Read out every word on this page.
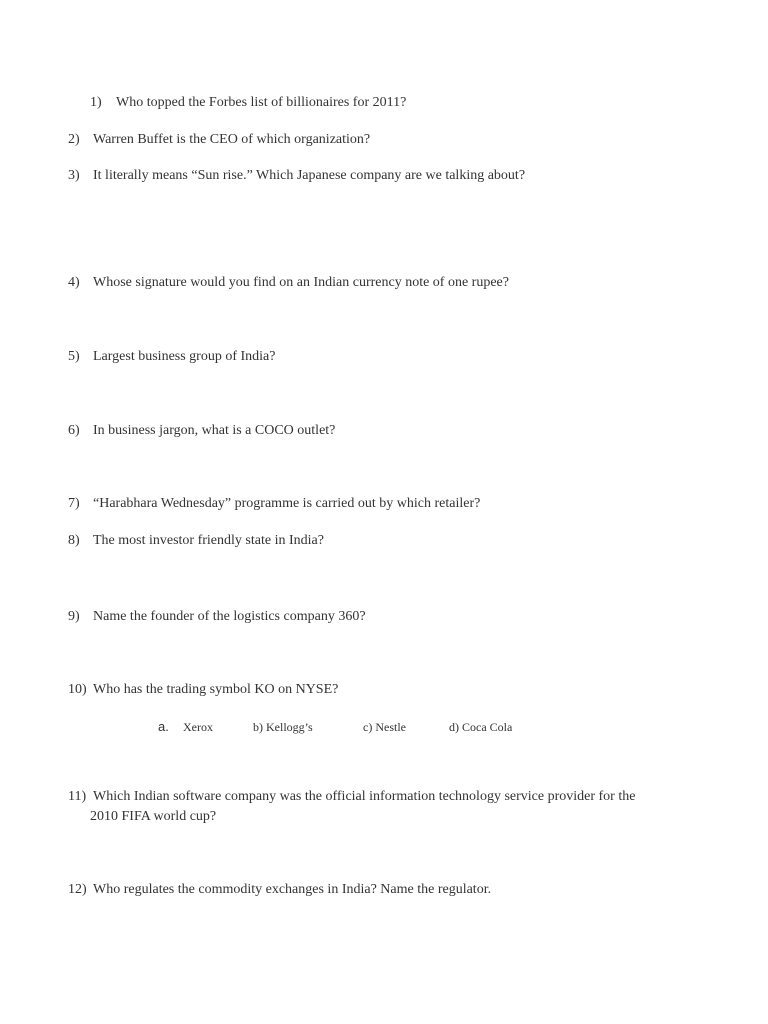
1) Who topped the Forbes list of billionaires for 2011?
2) Warren Buffet is the CEO of which organization?
3) It literally means “Sun rise.” Which Japanese company are we talking about?
4) Whose signature would you find on an Indian currency note of one rupee?
5) Largest business group of India?
6) In business jargon, what is a COCO outlet?
7) “Harabhara Wednesday” programme is carried out by which retailer?
8) The most investor friendly state in India?
9) Name the founder of the logistics company 360?
10) Who has the trading symbol KO on NYSE?
a. Xerox	b) Kellogg’s	c) Nestle	d) Coca Cola
11) Which Indian software company was the official information technology service provider for the
2010 FIFA world cup?
12) Who regulates the commodity exchanges in India? Name the regulator.
